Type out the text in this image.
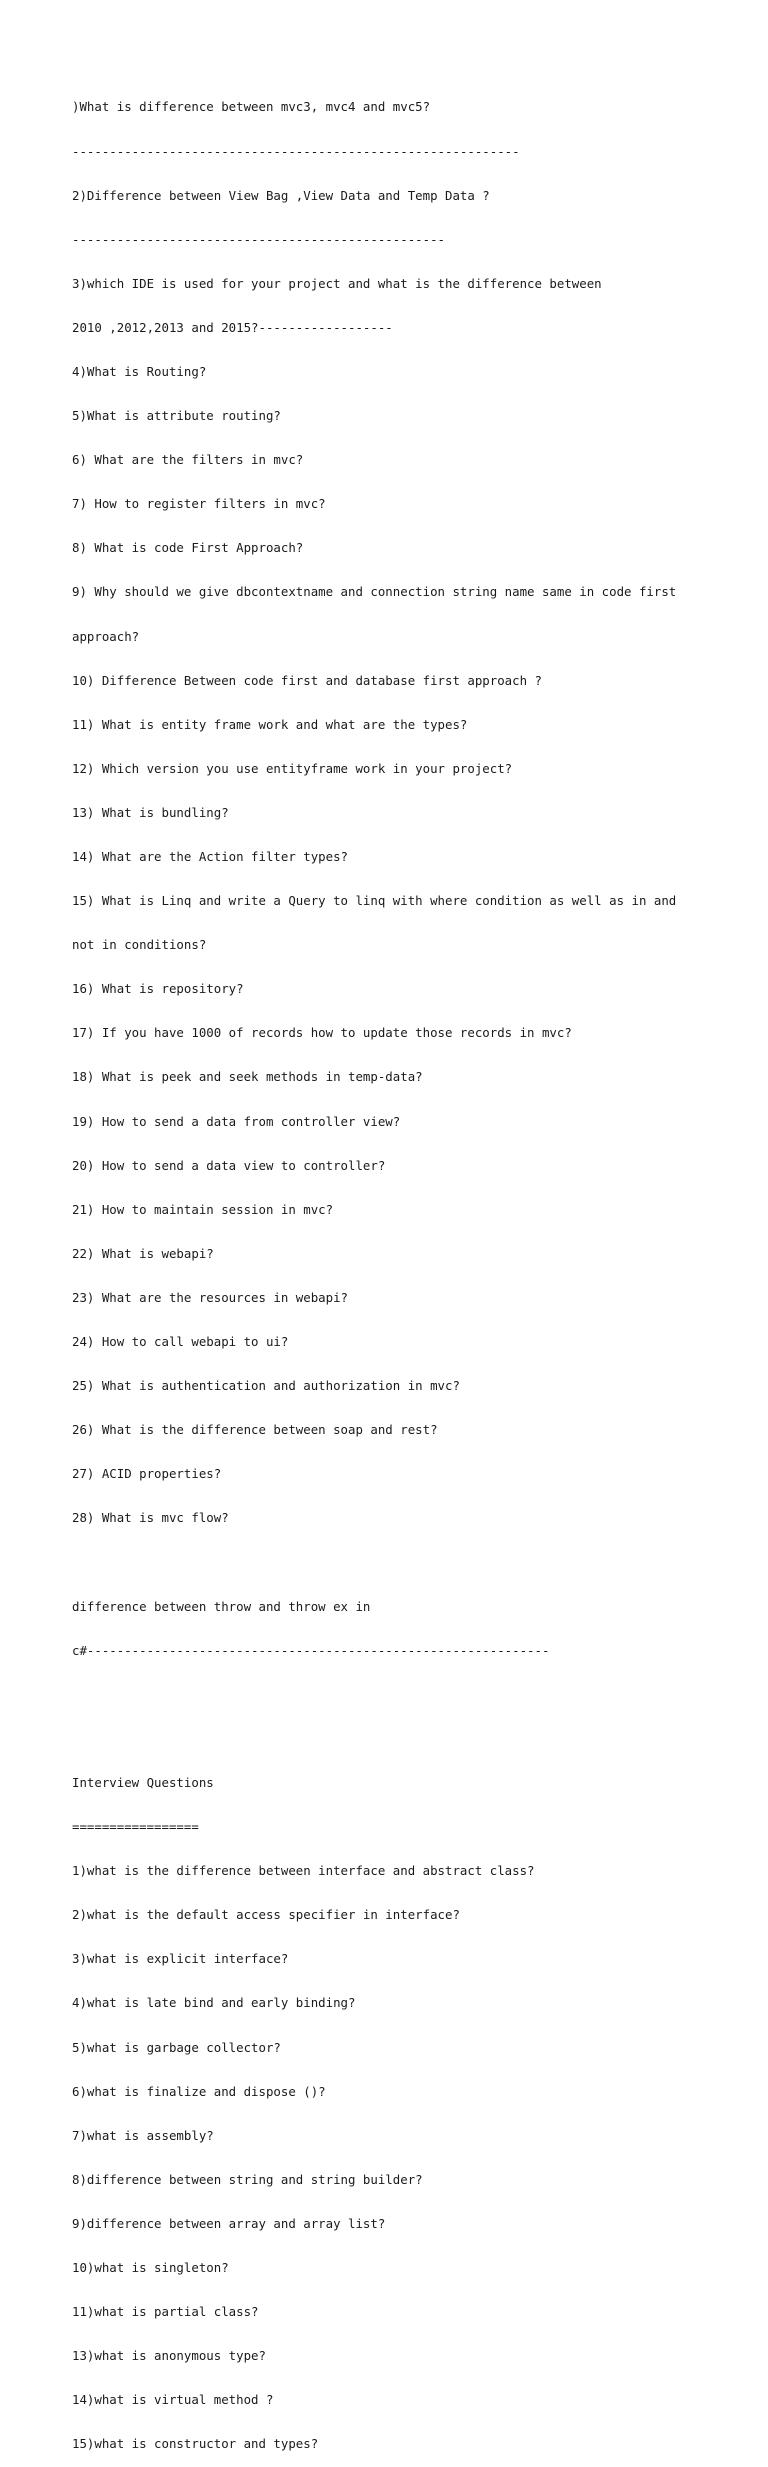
)What is difference between mvc3, mvc4 and mvc5?

------------------------------------------------------------

2)Difference between View Bag ,View Data and Temp Data ?

--------------------------------------------------

3)which IDE is used for your project and what is the difference between

2010 ,2012,2013 and 2015?------------------

4)What is Routing?

5)What is attribute routing?

6) What are the filters in mvc?

7) How to register filters in mvc?

8) What is code First Approach?

9) Why should we give dbcontextname and connection string name same in code first

approach?

10) Difference Between code first and database first approach ?

11) What is entity frame work and what are the types?

12) Which version you use entityframe work in your project?

13) What is bundling?

14) What are the Action filter types?

15) What is Linq and write a Query to linq with where condition as well as in and

not in conditions?

16) What is repository?

17) If you have 1000 of records how to update those records in mvc?

18) What is peek and seek methods in temp-data?

19) How to send a data from controller view?

20) How to send a data view to controller?

21) How to maintain session in mvc?

22) What is webapi?

23) What are the resources in webapi?

24) How to call webapi to ui?

25) What is authentication and authorization in mvc?

26) What is the difference between soap and rest?

27) ACID properties?

28) What is mvc flow?

difference between throw and throw ex in

c#--------------------------------------------------------------

Interview Questions

=================

1)what is the difference between interface and abstract class?

2)what is the default access specifier in interface?

3)what is explicit interface?

4)what is late bind and early binding?

5)what is garbage collector?

6)what is finalize and dispose ()?

7)what is assembly?

8)difference between string and string builder?

9)difference between array and array list?

10)what is singleton?

11)what is partial class?

13)what is anonymous type?

14)what is virtual method ?

15)what is constructor and types?
